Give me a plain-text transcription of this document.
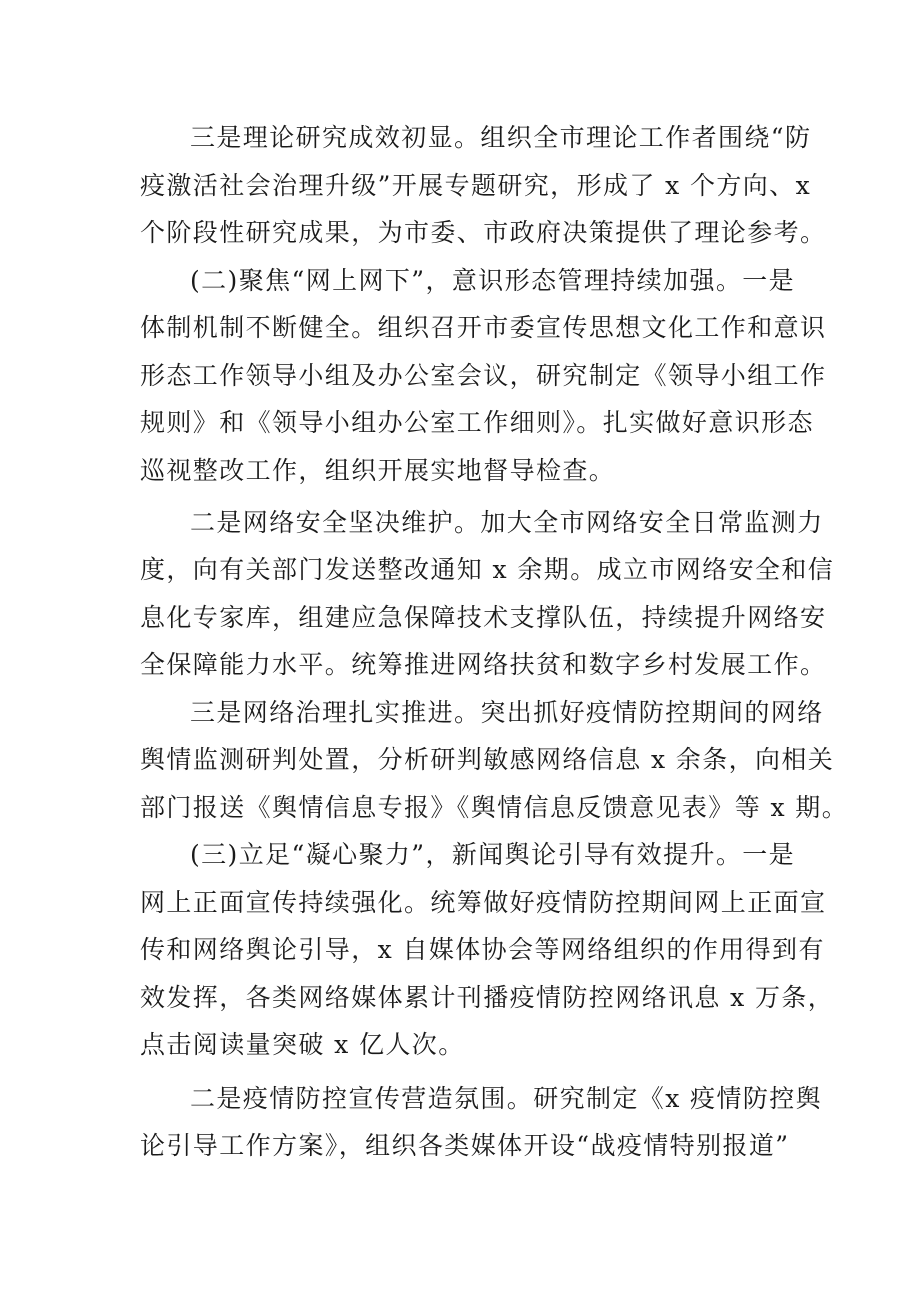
三是理论研究成效初显。组织全市理论工作者围绕“防
疫激活社会治理升级”开展专题研究，形成了 x 个方向、x
个阶段性研究成果，为市委、市政府决策提供了理论参考。
(二)聚焦“网上网下”，意识形态管理持续加强。一是
体制机制不断健全。组织召开市委宣传思想文化工作和意识
形态工作领导小组及办公室会议，研究制定《领导小组工作
规则》和《领导小组办公室工作细则》。扎实做好意识形态
巡视整改工作，组织开展实地督导检查。
二是网络安全坚决维护。加大全市网络安全日常监测力
度，向有关部门发送整改通知 x 余期。成立市网络安全和信
息化专家库，组建应急保障技术支撑队伍，持续提升网络安
全保障能力水平。统筹推进网络扶贫和数字乡村发展工作。
三是网络治理扎实推进。突出抓好疫情防控期间的网络
舆情监测研判处置，分析研判敏感网络信息 x 余条，向相关
部门报送《舆情信息专报》《舆情信息反馈意见表》等 x 期。
(三)立足“凝心聚力”，新闻舆论引导有效提升。一是
网上正面宣传持续强化。统筹做好疫情防控期间网上正面宣
传和网络舆论引导，x 自媒体协会等网络组织的作用得到有
效发挥，各类网络媒体累计刊播疫情防控网络讯息 x 万条，
点击阅读量突破 x 亿人次。
二是疫情防控宣传营造氛围。研究制定《x 疫情防控舆
论引导工作方案》，组织各类媒体开设“战疫情特别报道”
